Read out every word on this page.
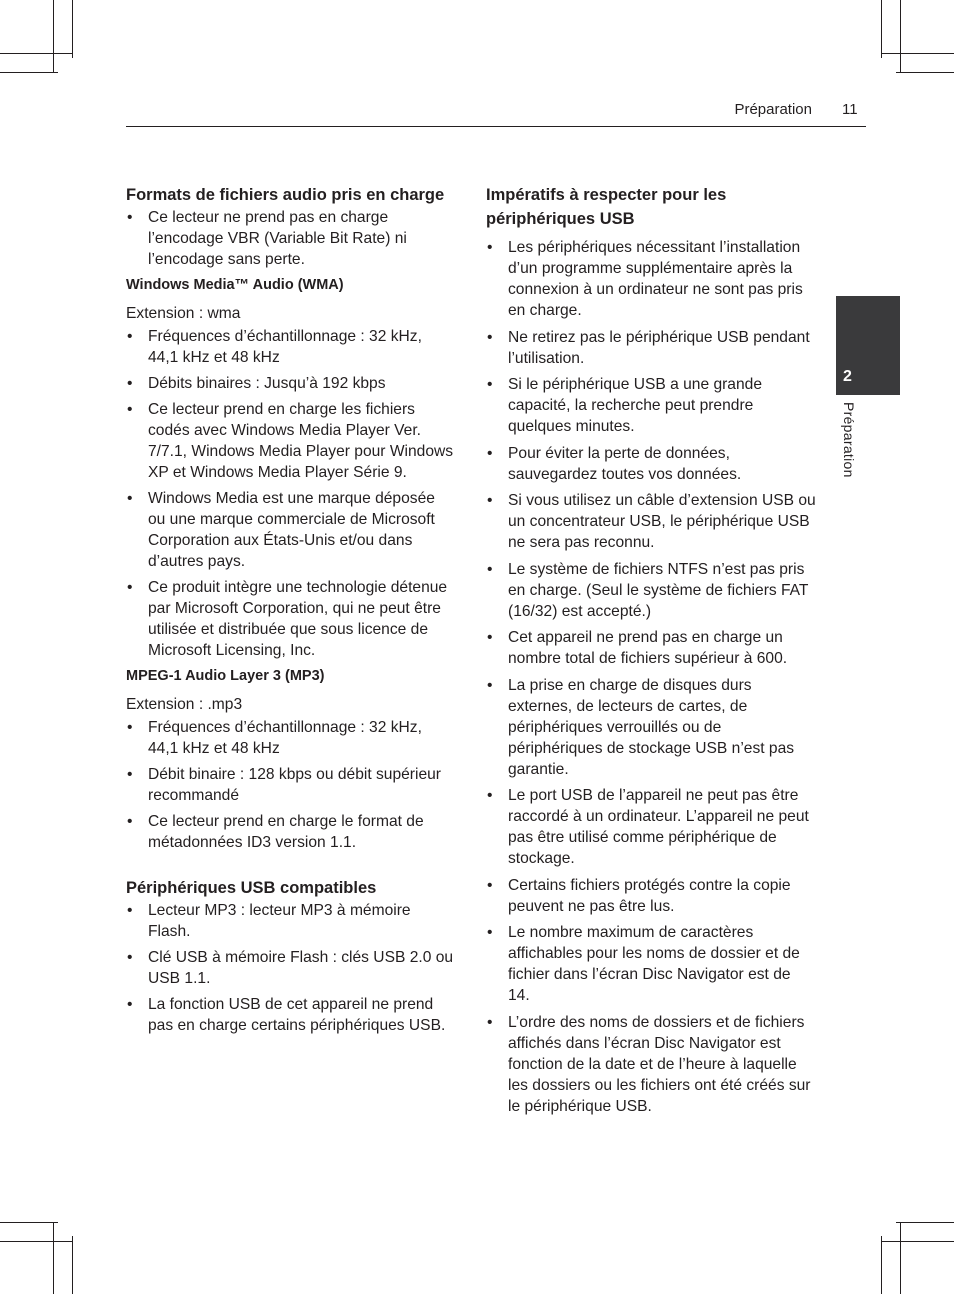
Préparation 11
2
Préparation
Formats de fichiers audio pris en charge
• Ce lecteur ne prend pas en charge l’encodage VBR (Variable Bit Rate) ni l’encodage sans perte.
Windows Media™ Audio (WMA)

Extension : wma

• Fréquences d’échantillonnage : 32 kHz, 44,1 kHz et 48 kHz
• Débits binaires : Jusqu’à 192 kbps
• Ce lecteur prend en charge les fichiers codés avec Windows Media Player Ver. 7/7.1, Windows Media Player pour Windows XP et Windows Media Player Série 9.
• Windows Media est une marque déposée ou une marque commerciale de Microsoft Corporation aux États-Unis et/ou dans d’autres pays.
• Ce produit intègre une technologie détenue par Microsoft Corporation, qui ne peut être utilisée et distribuée que sous licence de Microsoft Licensing, Inc.
MPEG-1 Audio Layer 3 (MP3)

Extension : .mp3

• Fréquences d’échantillonnage : 32 kHz, 44,1 kHz et 48 kHz
• Débit binaire : 128 kbps ou débit supérieur recommandé
• Ce lecteur prend en charge le format de métadonnées ID3 version 1.1.
Périphériques USB compatibles
• Lecteur MP3 : lecteur MP3 à mémoire Flash.
• Clé USB à mémoire Flash : clés USB 2.0 ou USB 1.1.
• La fonction USB de cet appareil ne prend pas en charge certains périphériques USB.
Impératifs à respecter pour les périphériques USB
• Les périphériques nécessitant l’installation d’un programme supplémentaire après la connexion à un ordinateur ne sont pas pris en charge.
• Ne retirez pas le périphérique USB pendant l’utilisation.
• Si le périphérique USB a une grande capacité, la recherche peut prendre quelques minutes.
• Pour éviter la perte de données, sauvegardez toutes vos données.
• Si vous utilisez un câble d’extension USB ou un concentrateur USB, le périphérique USB ne sera pas reconnu.
• Le système de fichiers NTFS n’est pas pris en charge. (Seul le système de fichiers FAT (16/32) est accepté.)
• Cet appareil ne prend pas en charge un nombre total de fichiers supérieur à 600.
• La prise en charge de disques durs externes, de lecteurs de cartes, de périphériques verrouillés ou de périphériques de stockage USB n’est pas garantie.
• Le port USB de l’appareil ne peut pas être raccordé à un ordinateur. L’appareil ne peut pas être utilisé comme périphérique de stockage.
• Certains fichiers protégés contre la copie peuvent ne pas être lus.
• Le nombre maximum de caractères affichables pour les noms de dossier et de fichier dans l’écran Disc Navigator est de 14.
• L’ordre des noms de dossiers et de fichiers affichés dans l’écran Disc Navigator est fonction de la date et de l’heure à laquelle les dossiers ou les fichiers ont été créés sur le périphérique USB.
